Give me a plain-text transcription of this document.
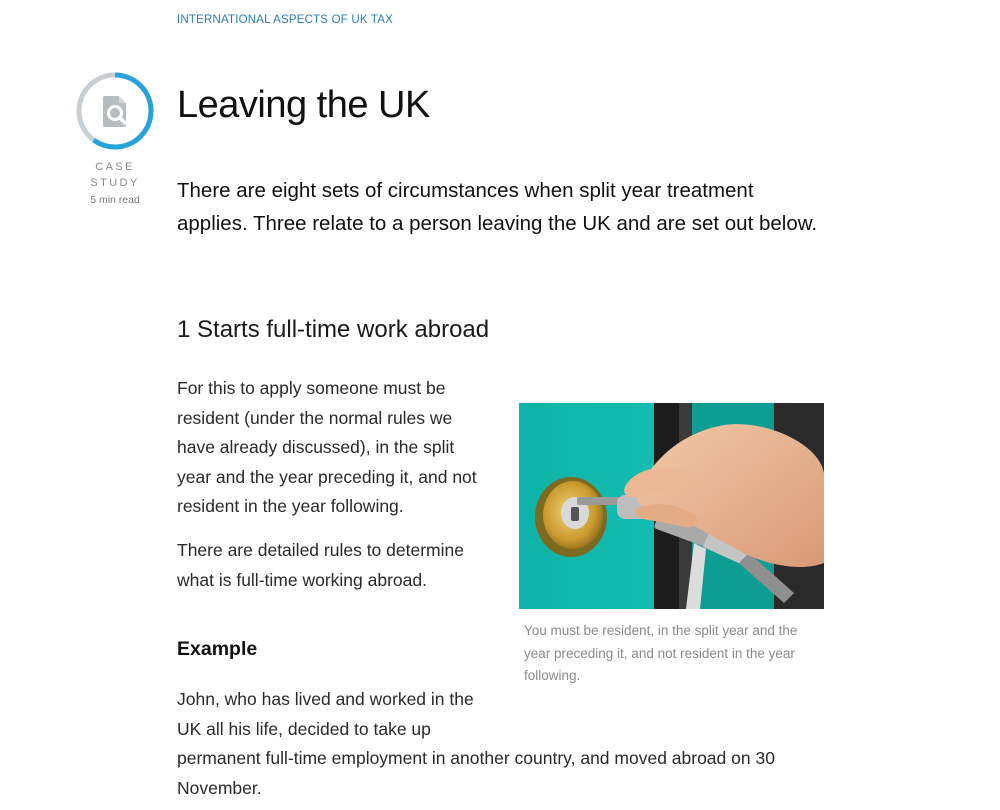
INTERNATIONAL ASPECTS OF UK TAX
CASE
STUDY
5 min read
Leaving the UK

There are eight sets of circumstances when split year treatment applies. Three relate to a person leaving the UK and are set out below.

1 Starts full-time work abroad

For this to apply someone must be resident (under the normal rules we have already discussed), in the split year and the year preceding it, and not resident in the year following.

There are detailed rules to determine what is full-time working abroad.

You must be resident, in the split year and the year preceding it, and not resident in the year following.

Example

John, who has lived and worked in the UK all his life, decided to take up

permanent full-time employment in another country, and moved abroad on 30 November.
